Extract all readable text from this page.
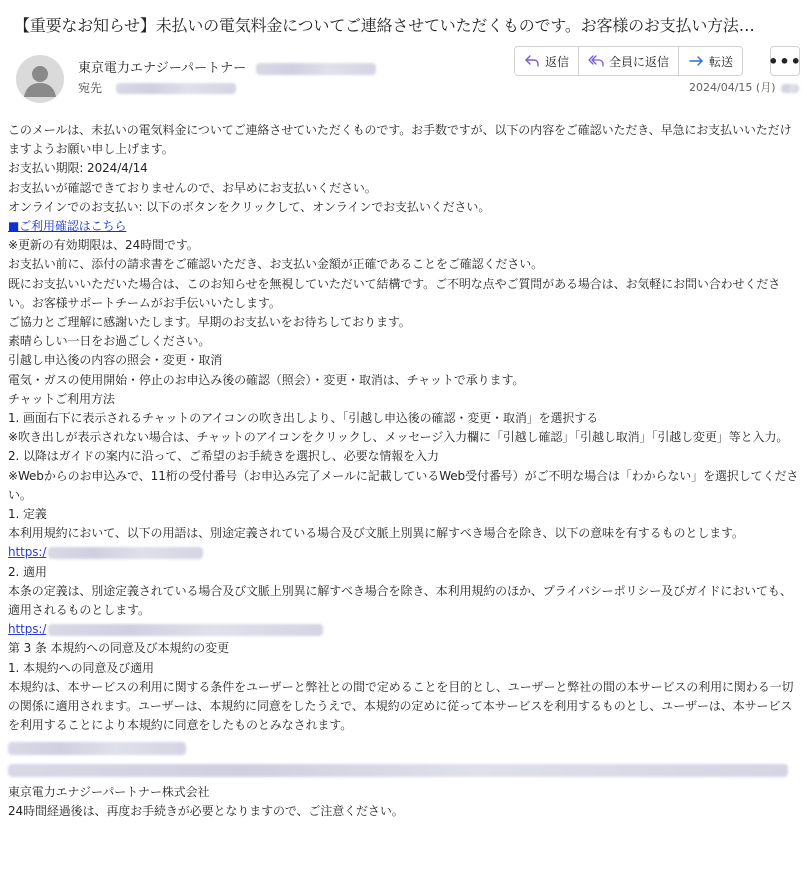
【重要なお知らせ】未払いの電気料金についてご連絡させていただくものです。お客様のお支払い方法…
東京電力エナジーパートナー
宛先
返信	全員に返信	転送 •••
2024/04/15 (月)

このメールは、未払いの電気料金についてご連絡させていただくものです。お手数ですが、以下の内容をご確認いただき、早急にお支払いいただけますようお願い申し上げます。

お支払い期限: 2024/4/14

お支払いが確認できておりませんので、お早めにお支払いください。

オンラインでのお支払い: 以下のボタンをクリックして、オンラインでお支払いください。

■ご利用確認はこちら

※更新の有効期限は、24時間です。

お支払い前に、添付の請求書をご確認いただき、お支払い金額が正確であることをご確認ください。

既にお支払いいただいた場合は、このお知らせを無視していただいて結構です。ご不明な点やご質問がある場合は、お気軽にお問い合わせください。お客様サポートチームがお手伝いいたします。

ご協力とご理解に感謝いたします。早期のお支払いをお待ちしております。

素晴らしい一日をお過ごしください。

引越し申込後の内容の照会・変更・取消

電気・ガスの使用開始・停止のお申込み後の確認（照会）・変更・取消は、チャットで承ります。

チャットご利用方法

1. 画面右下に表示されるチャットのアイコンの吹き出しより、「引越し申込後の確認・変更・取消」を選択する

※吹き出しが表示されない場合は、チャットのアイコンをクリックし、メッセージ入力欄に「引越し確認」「引越し取消」「引越し変更」等と入力。

2. 以降はガイドの案内に沿って、ご希望のお手続きを選択し、必要な情報を入力

※Webからのお申込みで、11桁の受付番号（お申込み完了メールに記載しているWeb受付番号）がご不明な場合は「わからない」を選択してください。

1. 定義

本利用規約において、以下の用語は、別途定義されている場合及び文脈上別異に解すべき場合を除き、以下の意味を有するものとします。

https:/

2. 適用

本条の定義は、別途定義されている場合及び文脈上別異に解すべき場合を除き、本利用規約のほか、プライバシーポリシー及びガイドにおいても、適用されるものとします。

https:/

第 3 条 本規約への同意及び本規約の変更

1. 本規約への同意及び適用

本規約は、本サービスの利用に関する条件をユーザーと弊社との間で定めることを目的とし、ユーザーと弊社の間の本サービスの利用に関わる一切の関係に適用されます。ユーザーは、本規約に同意をしたうえで、本規約の定めに従って本サービスを利用するものとし、ユーザーは、本サービスを利用することにより本規約に同意をしたものとみなされます。

東京電力エナジーパートナー株式会社

24時間経過後は、再度お手続きが必要となりますので、ご注意ください。
